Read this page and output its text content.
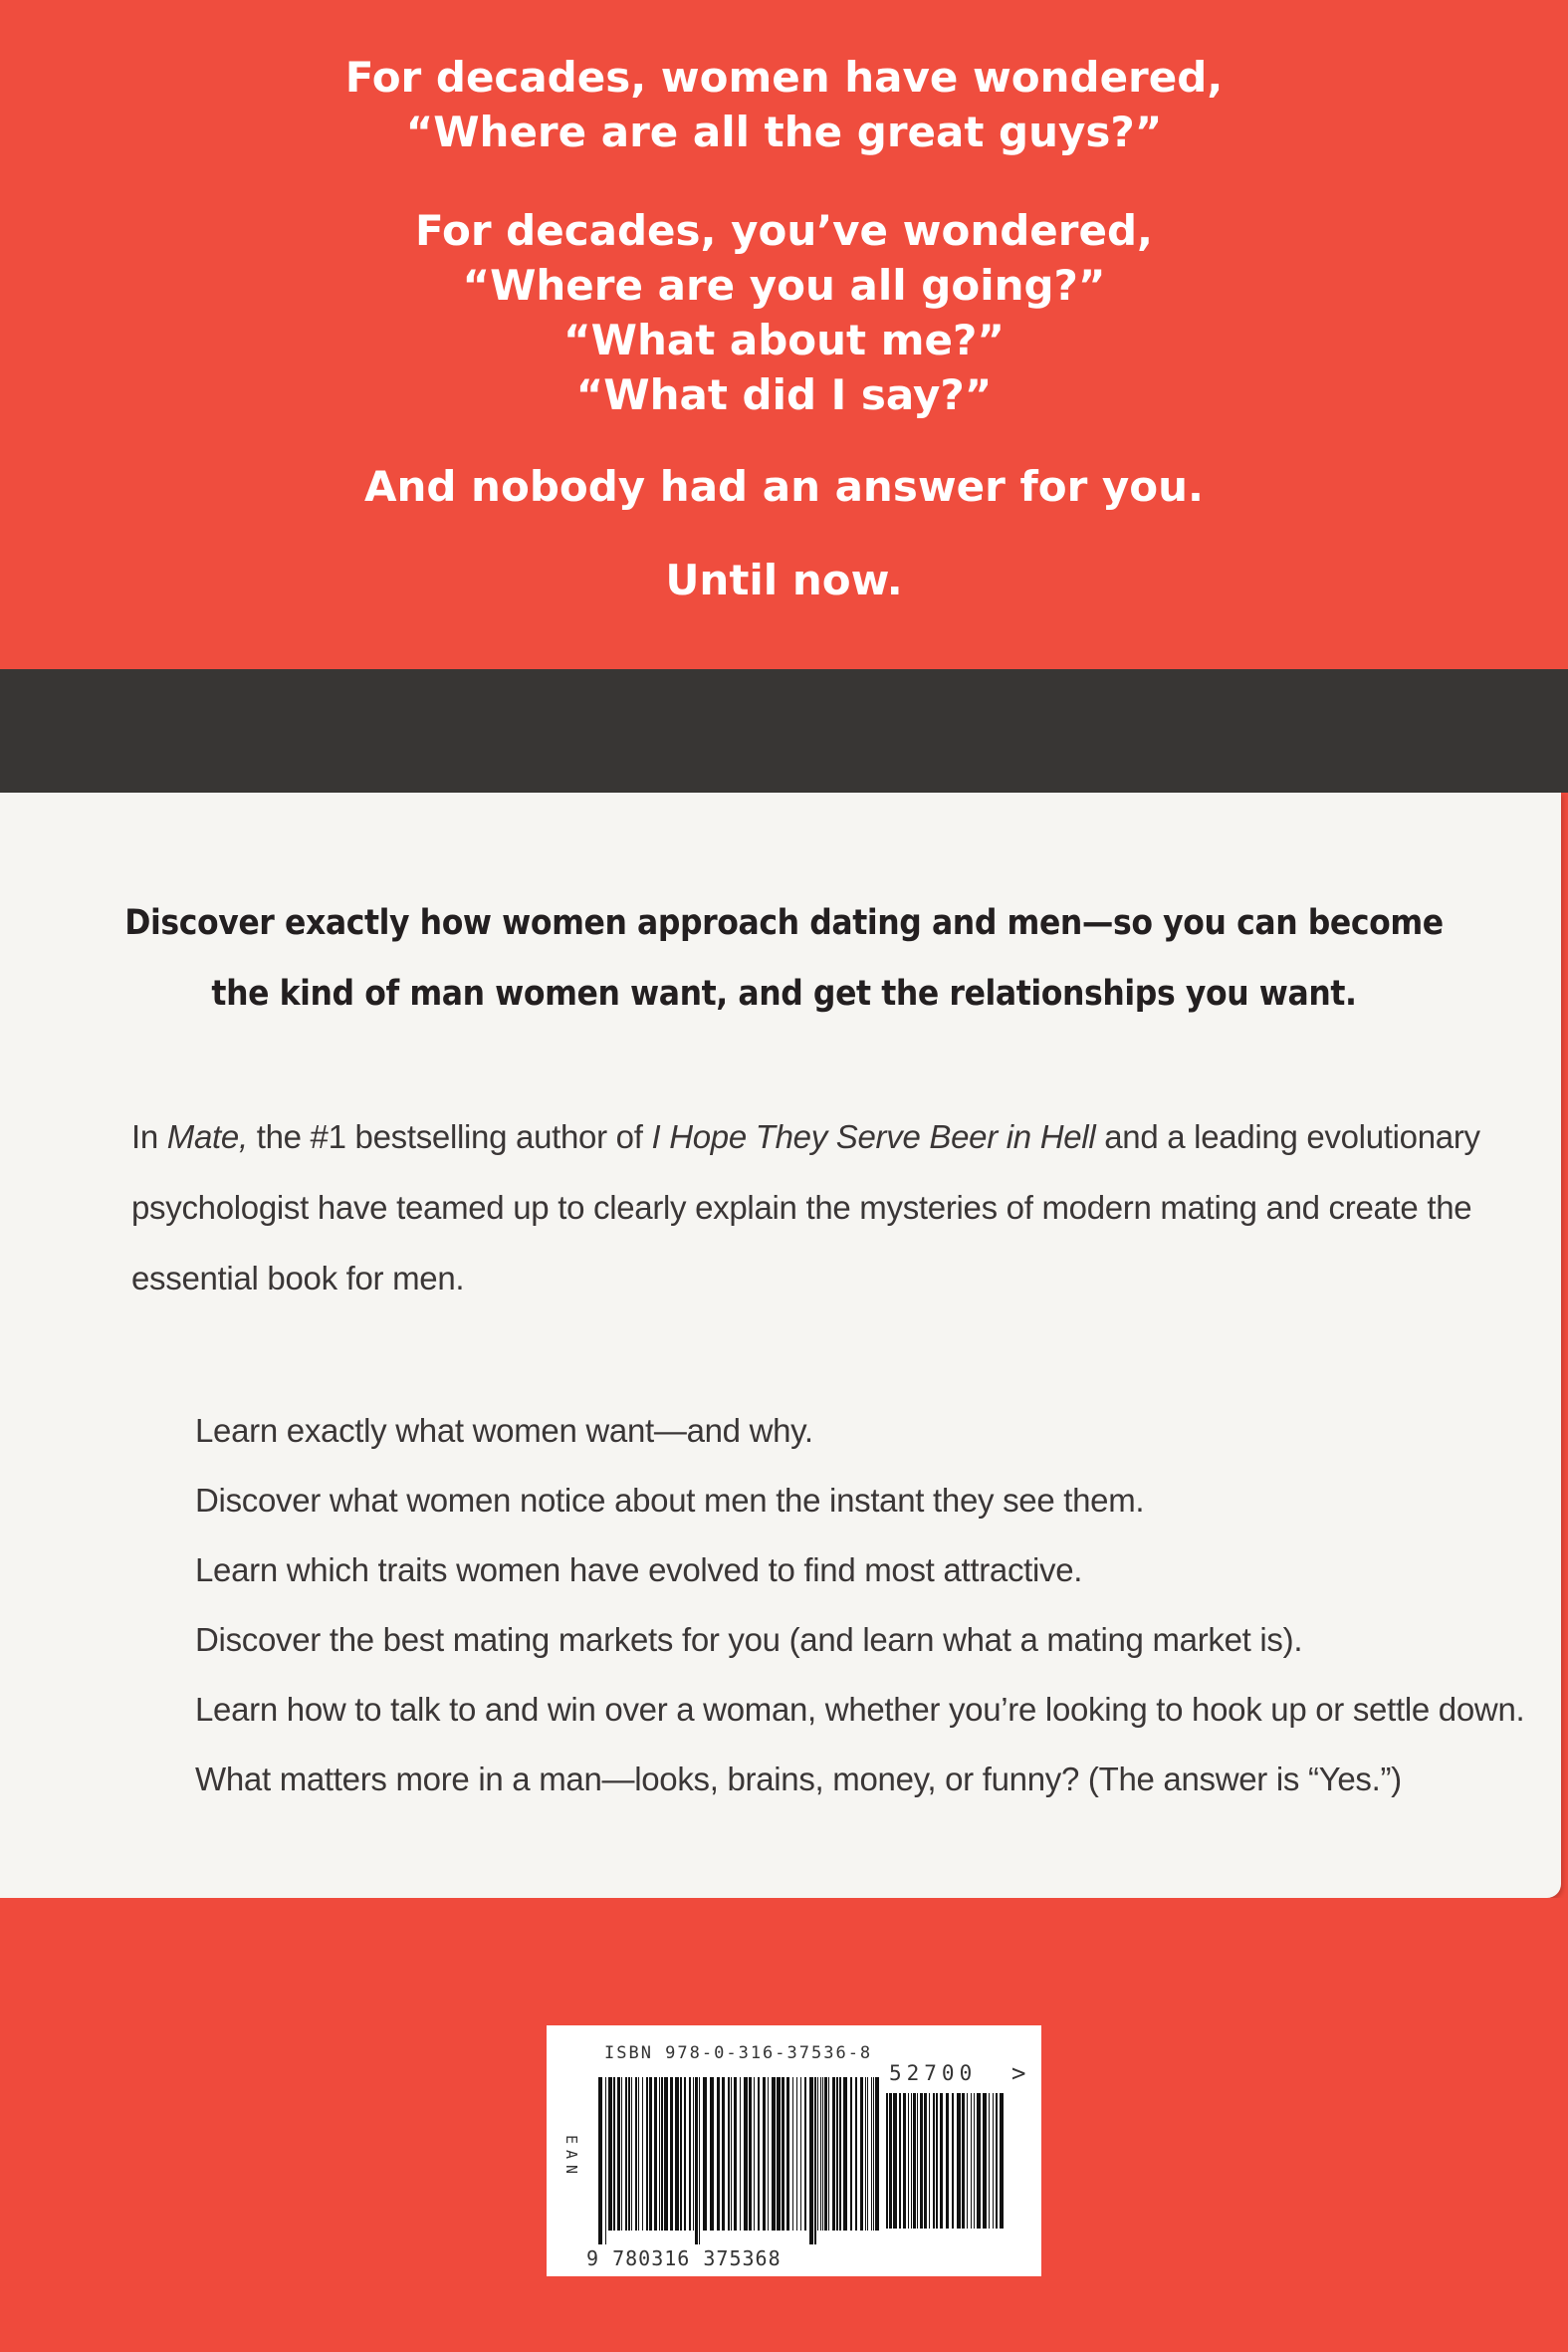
For decades, women have wondered,
“Where are all the great guys?”

For decades, you’ve wondered,
“Where are you all going?”
“What about me?”
“What did I say?”

And nobody had an answer for you.

Until now.

Discover exactly how women approach dating and men—so you can become
the kind of man women want, and get the relationships you want.
In Mate, the #1 bestselling author of I Hope They Serve Beer in Hell and a leading evolutionary
psychologist have teamed up to clearly explain the mysteries of modern mating and create the
essential book for men.
Learn exactly what women want—and why.
Discover what women notice about men the instant they see them.
Learn which traits women have evolved to find most attractive.
Discover the best mating markets for you (and learn what a mating market is).
Learn how to talk to and win over a woman, whether you’re looking to hook up or settle down.
What matters more in a man—looks, brains, money, or funny? (The answer is “Yes.”)
ISBN 978-0-316-37536-8
EAN
52700 >
9 780316 375368
